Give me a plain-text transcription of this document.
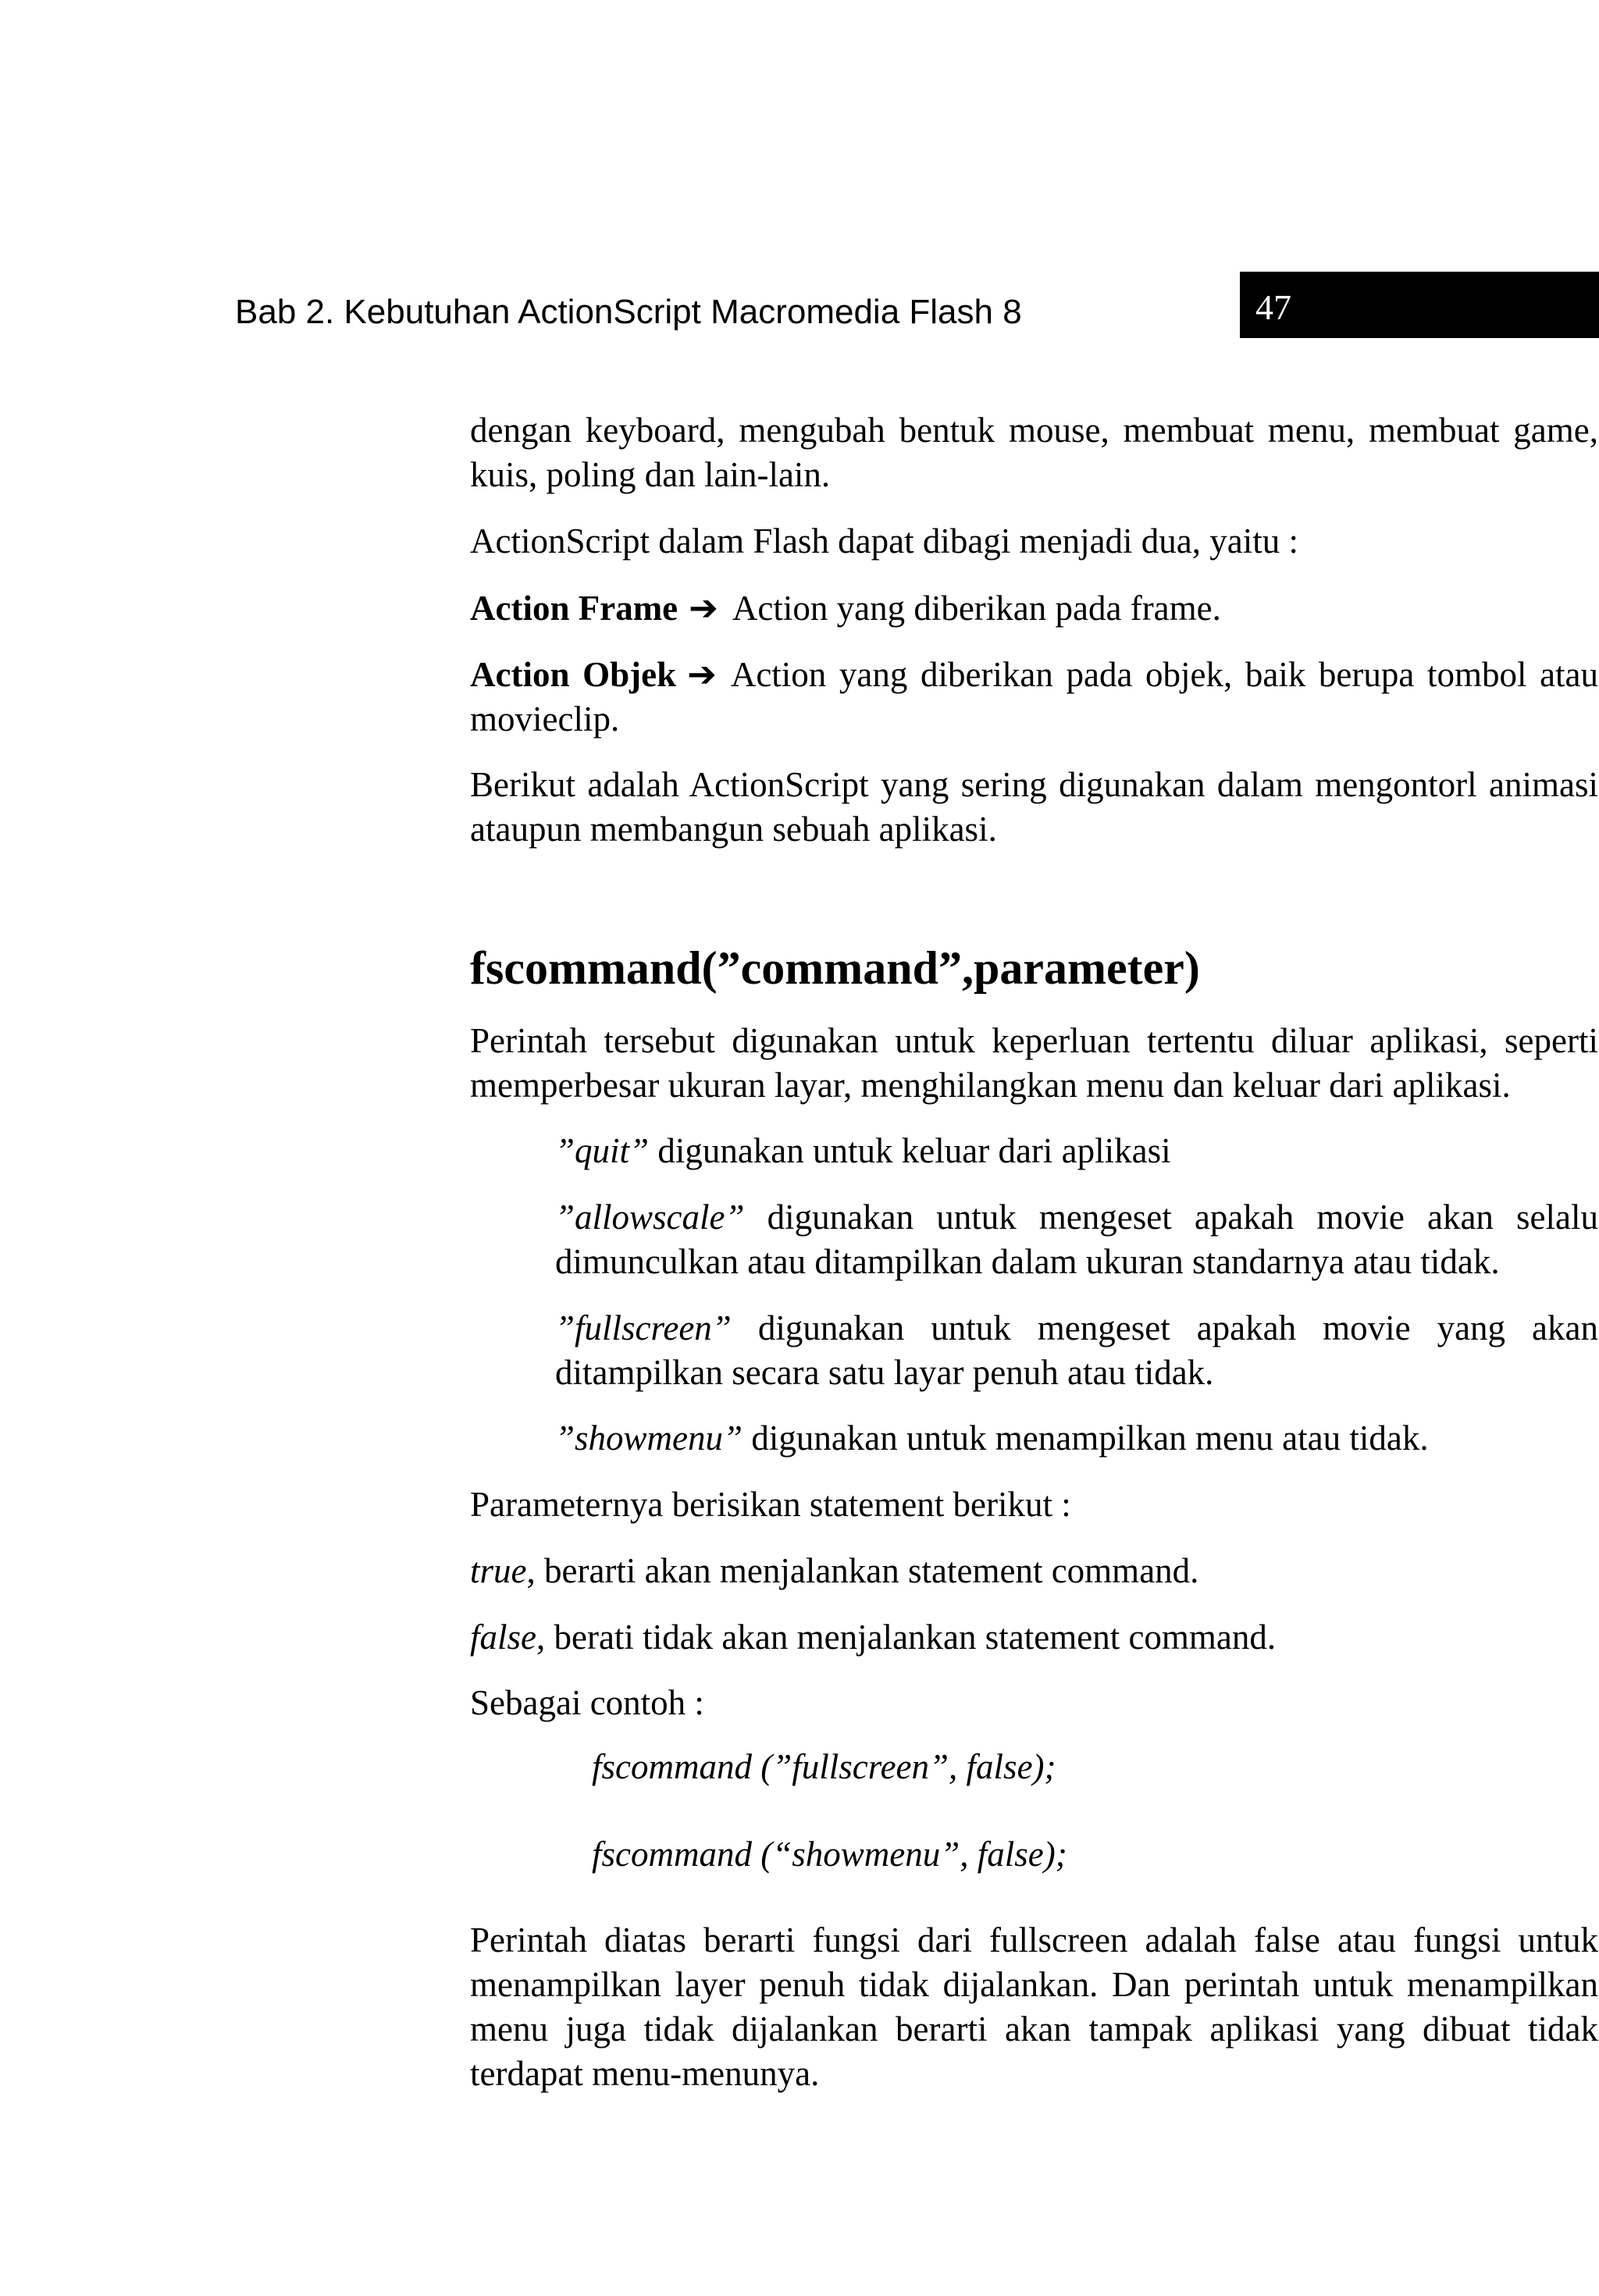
Bab 2. Kebutuhan ActionScript Macromedia Flash 8	47

dengan keyboard, mengubah bentuk mouse, membuat menu, membuat game, kuis, poling dan lain-lain.

ActionScript dalam Flash dapat dibagi menjadi dua, yaitu :

Action Frame ➔ Action yang diberikan pada frame.

Action Objek ➔ Action yang diberikan pada objek, baik berupa tombol atau movieclip.

Berikut adalah ActionScript yang sering digunakan dalam mengontorl animasi ataupun membangun sebuah aplikasi.

fscommand(”command”,parameter)

Perintah tersebut digunakan untuk keperluan tertentu diluar aplikasi, seperti memperbesar ukuran layar, menghilangkan menu dan keluar dari aplikasi.

”quit” digunakan untuk keluar dari aplikasi

”allowscale” digunakan untuk mengeset apakah movie akan selalu dimunculkan atau ditampilkan dalam ukuran standarnya atau tidak.

”fullscreen” digunakan untuk mengeset apakah movie yang akan ditampilkan secara satu layar penuh atau tidak.

”showmenu” digunakan untuk menampilkan menu atau tidak.

Parameternya berisikan statement berikut :

true, berarti akan menjalankan statement command.

false, berati tidak akan menjalankan statement command.

Sebagai contoh :

fscommand (”fullscreen”, false);

fscommand (“showmenu”, false);

Perintah diatas berarti fungsi dari fullscreen adalah false atau fungsi untuk menampilkan layer penuh tidak dijalankan. Dan perintah untuk menampilkan menu juga tidak dijalankan berarti akan tampak aplikasi yang dibuat tidak terdapat menu-menunya.
